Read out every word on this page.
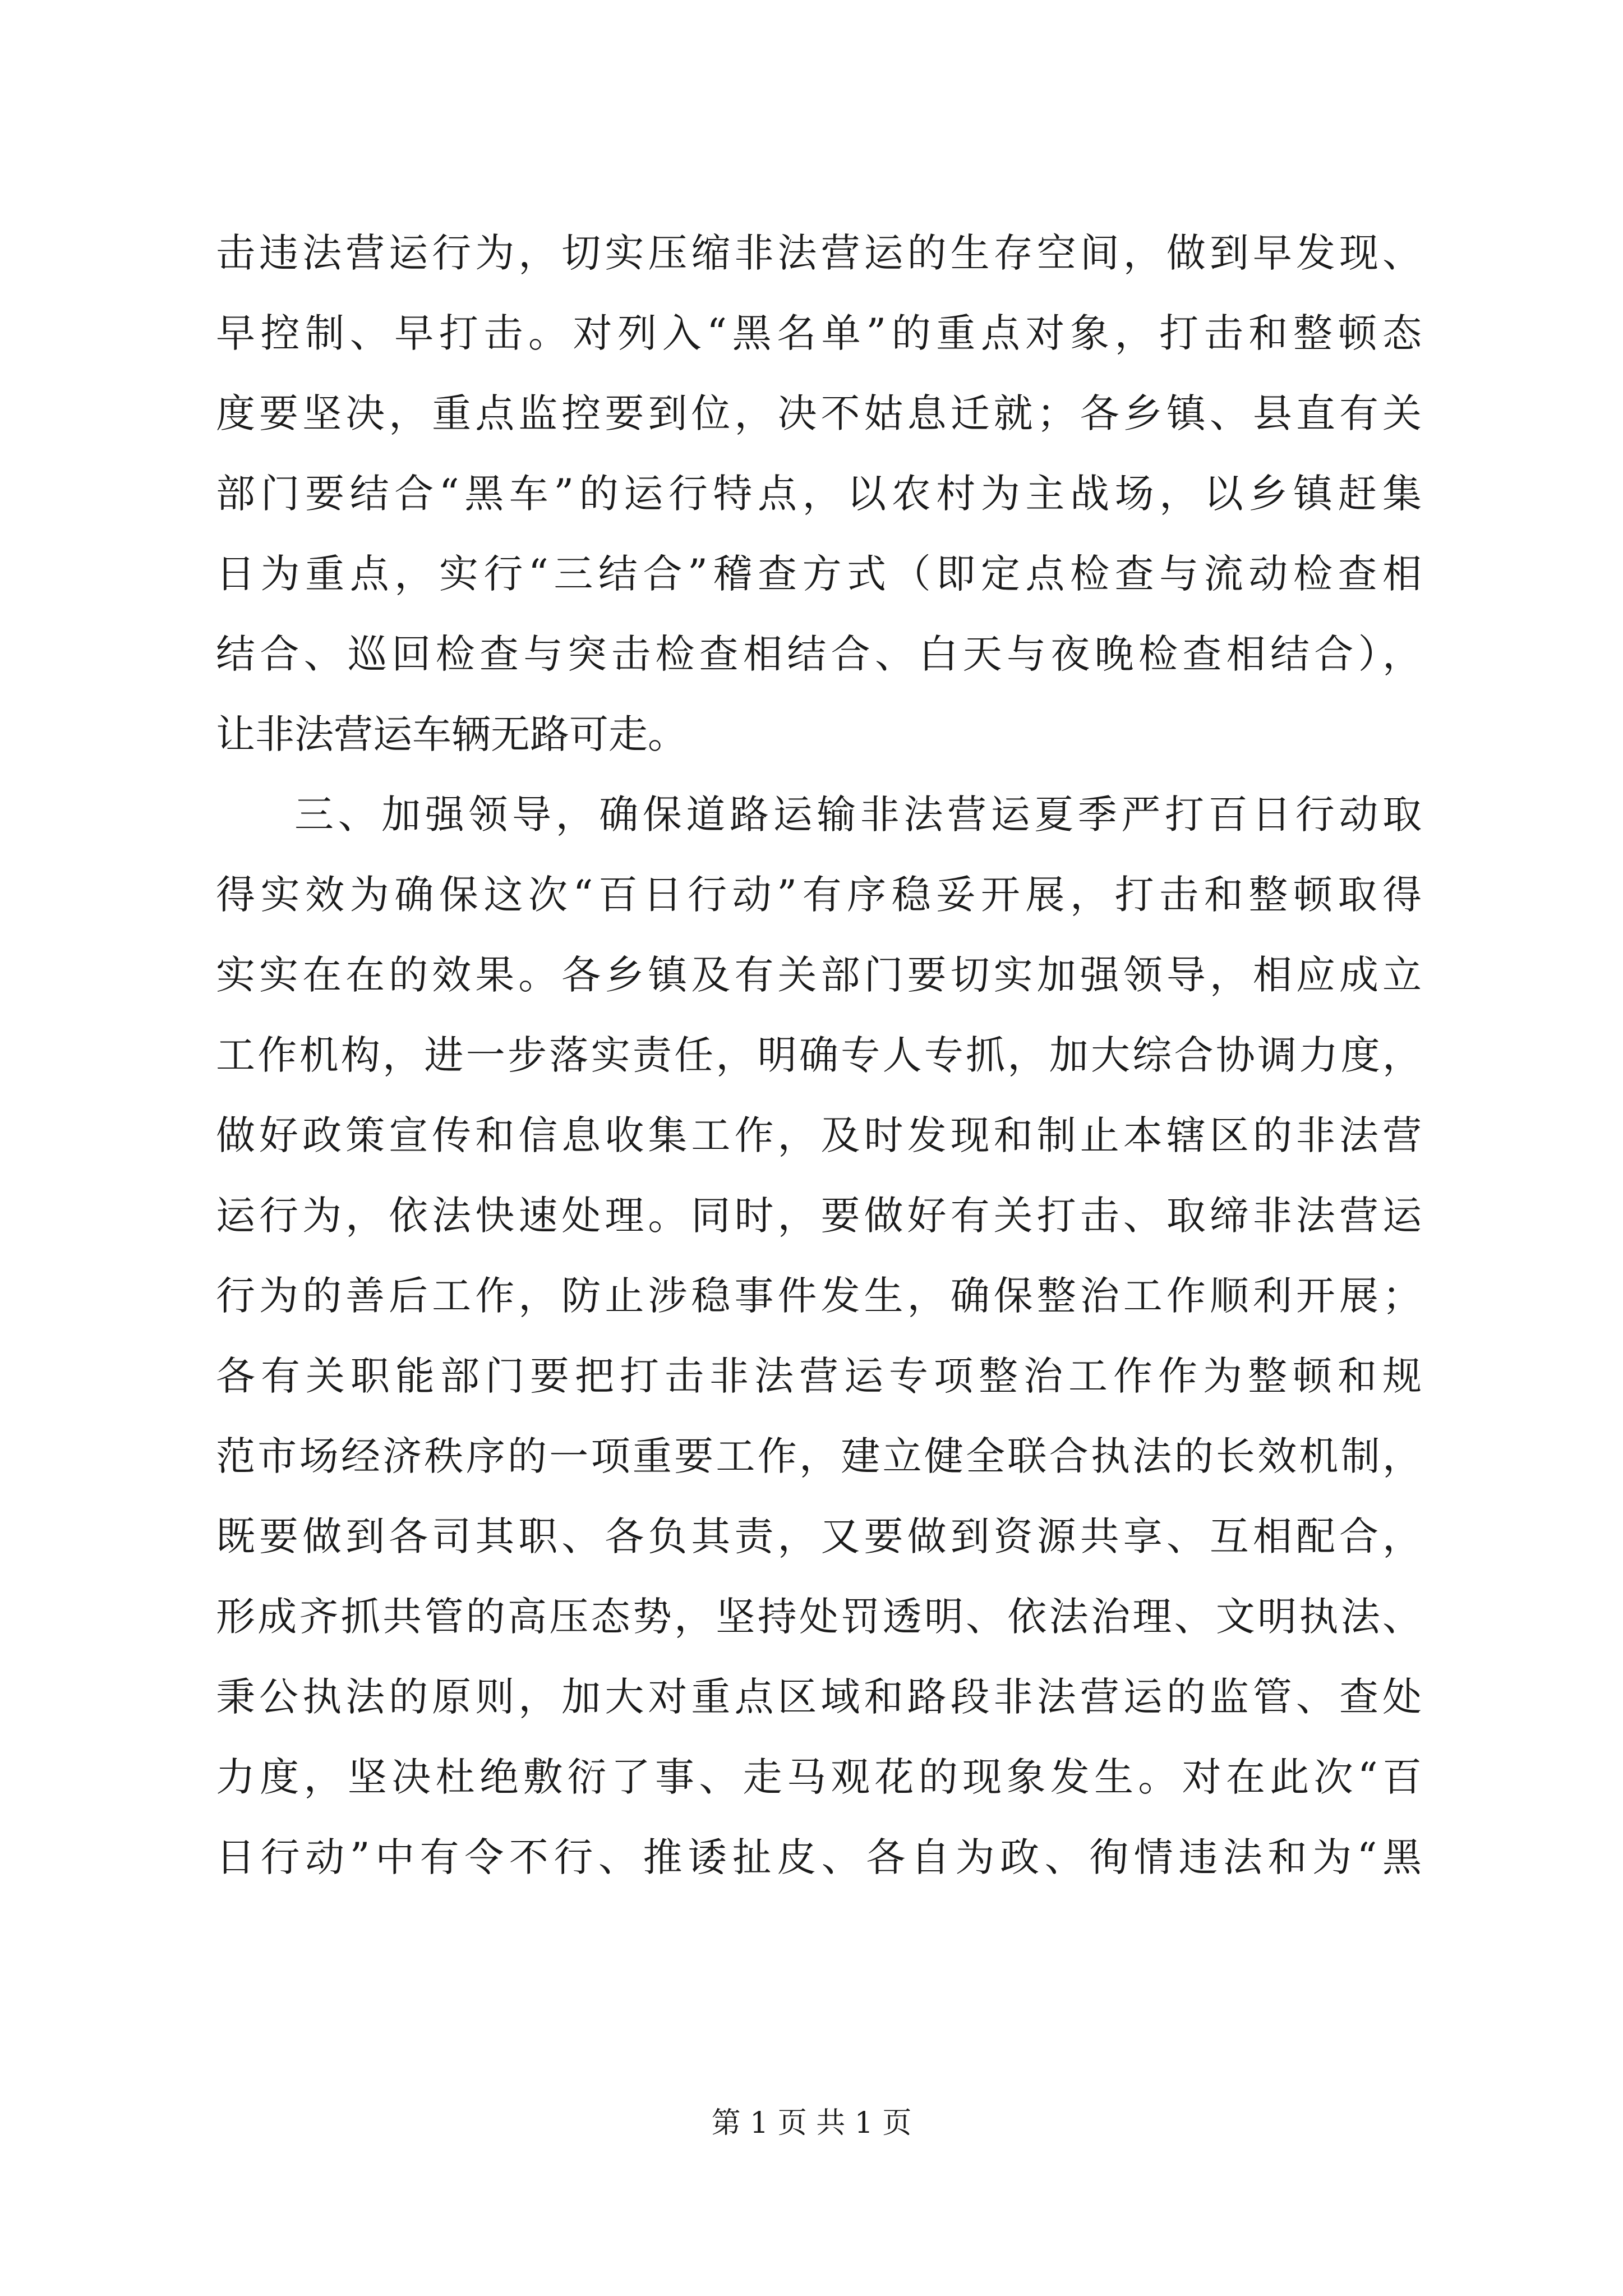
击违法营运行为，切实压缩非法营运的生存空间，做到早发现、
早控制、早打击。对列入“黑名单”的重点对象，打击和整顿态
度要坚决，重点监控要到位，决不姑息迁就；各乡镇、县直有关
部门要结合“黑车”的运行特点，以农村为主战场，以乡镇赶集
日为重点，实行“三结合”稽查方式（即定点检查与流动检查相
结合、巡回检查与突击检查相结合、白天与夜晚检查相结合），
让非法营运车辆无路可走。
三、加强领导，确保道路运输非法营运夏季严打百日行动取
得实效为确保这次“百日行动”有序稳妥开展，打击和整顿取得
实实在在的效果。各乡镇及有关部门要切实加强领导，相应成立
工作机构，进一步落实责任，明确专人专抓，加大综合协调力度，
做好政策宣传和信息收集工作，及时发现和制止本辖区的非法营
运行为，依法快速处理。同时，要做好有关打击、取缔非法营运
行为的善后工作，防止涉稳事件发生，确保整治工作顺利开展；
各有关职能部门要把打击非法营运专项整治工作作为整顿和规
范市场经济秩序的一项重要工作，建立健全联合执法的长效机制，
既要做到各司其职、各负其责，又要做到资源共享、互相配合，
形成齐抓共管的高压态势，坚持处罚透明、依法治理、文明执法、
秉公执法的原则，加大对重点区域和路段非法营运的监管、查处
力度，坚决杜绝敷衍了事、走马观花的现象发生。对在此次“百
日行动”中有令不行、推诿扯皮、各自为政、徇情违法和为“黑
第 1 页 共 1 页
